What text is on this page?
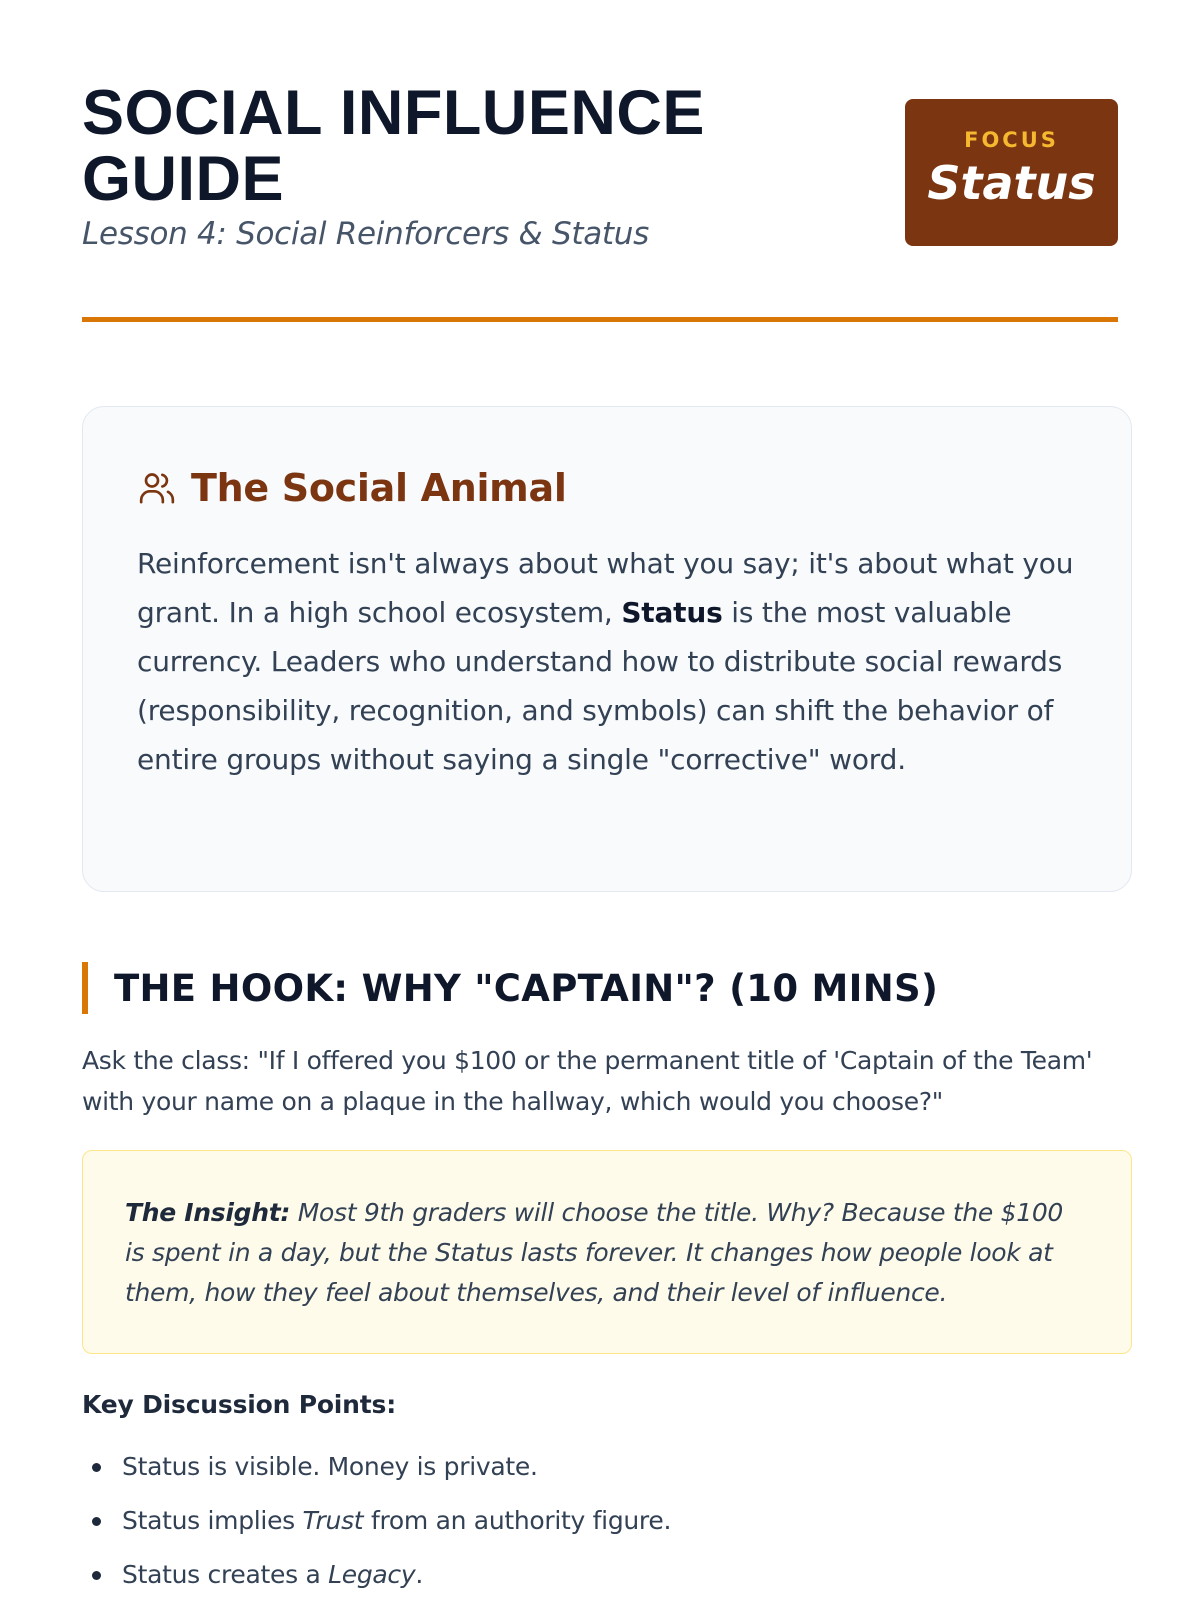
SOCIAL INFLUENCE
GUIDE

Lesson 4: Social Reinforcers & Status

FOCUS
Status
The Social Animal

Reinforcement isn't always about what you say; it's about what you grant. In a high school ecosystem, Status is the most valuable currency. Leaders who understand how to distribute social rewards (responsibility, recognition, and symbols) can shift the behavior of entire groups without saying a single "corrective" word.

THE HOOK: WHY "CAPTAIN"? (10 MINS)

Ask the class: "If I offered you $100 or the permanent title of 'Captain of the Team' with your name on a plaque in the hallway, which would you choose?"

The Insight: Most 9th graders will choose the title. Why? Because the $100 is spent in a day, but the Status lasts forever. It changes how people look at them, how they feel about themselves, and their level of influence.

Key Discussion Points:

Status is visible. Money is private.
Status implies Trust from an authority figure.
Status creates a Legacy.
